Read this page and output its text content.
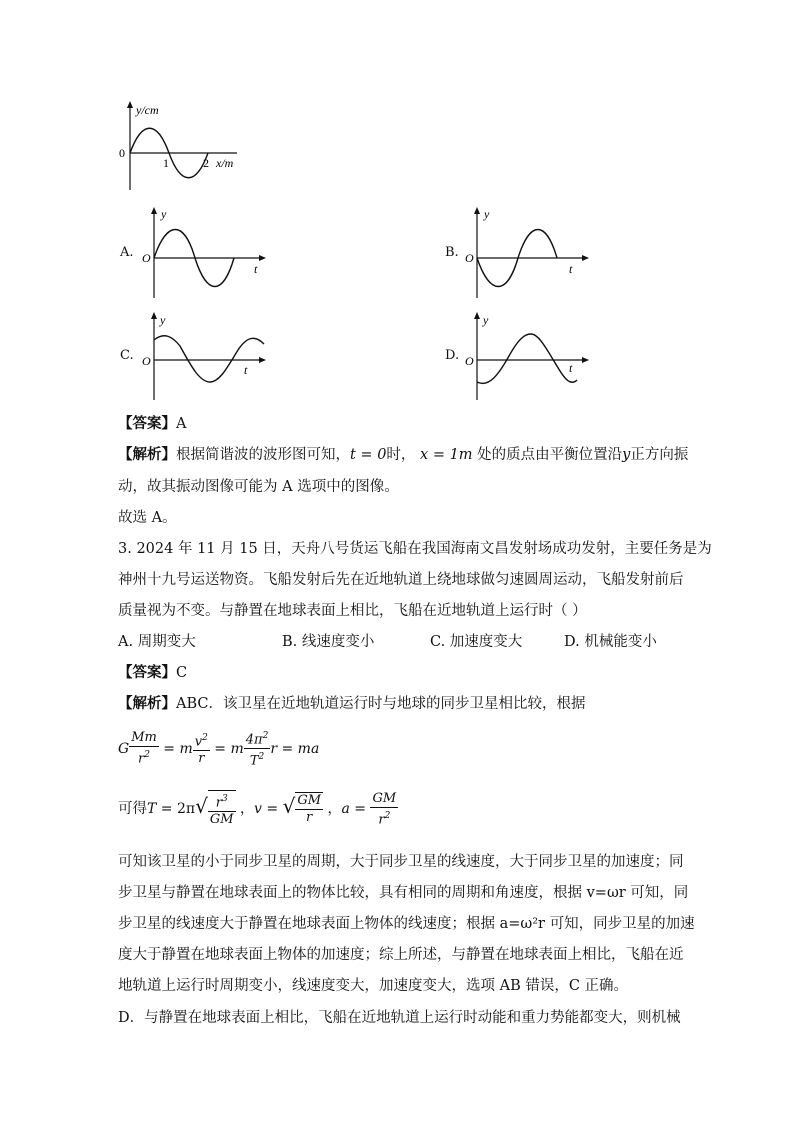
y/cm
0
1	2 x/m
A.
y
O
t
B.
y
O
t
C.
y
O
t
D.
y
O	t
【答案】A
【解析】根据简谐波的波形图可知，t = 0时， x = 1m 处的质点由平衡位置沿y正方向振
动，故其振动图像可能为 A 选项中的图像。
故选 A。
3. 2024 年 11 月 15 日，天舟八号货运飞船在我国海南文昌发射场成功发射，主要任务是为
神州十九号运送物资。飞船发射后先在近地轨道上绕地球做匀速圆周运动，飞船发射前后
质量视为不变。与静置在地球表面上相比，飞船在近地轨道上运行时（ ）
A. 周期变大	B. 线速度变小	C. 加速度变大	D. 机械能变小
【答案】C
【解析】ABC．该卫星在近地轨道运行时与地球的同步卫星相比较，根据
G $\frac{Mm}{r^2} = m \frac{v^2}{r} = m \frac{4\pi^2}{T^2}$ r = ma
可得$T = 2\pi√ \frac{r^3}{GM}$ ，v = √ $\frac{GM}{r}$ ，$a = \frac{GM}{r^2}$
可知该卫星的小于同步卫星的周期，大于同步卫星的线速度，大于同步卫星的加速度；同
步卫星与静置在地球表面上的物体比较，具有相同的周期和角速度，根据 v=ωr 可知，同
步卫星的线速度大于静置在地球表面上物体的线速度；根据 a=ω²r 可知，同步卫星的加速
度大于静置在地球表面上物体的加速度；综上所述，与静置在地球表面上相比，飞船在近
地轨道上运行时周期变小，线速度变大，加速度变大，选项 AB 错误，C 正确。
D．与静置在地球表面上相比，飞船在近地轨道上运行时动能和重力势能都变大，则机械
